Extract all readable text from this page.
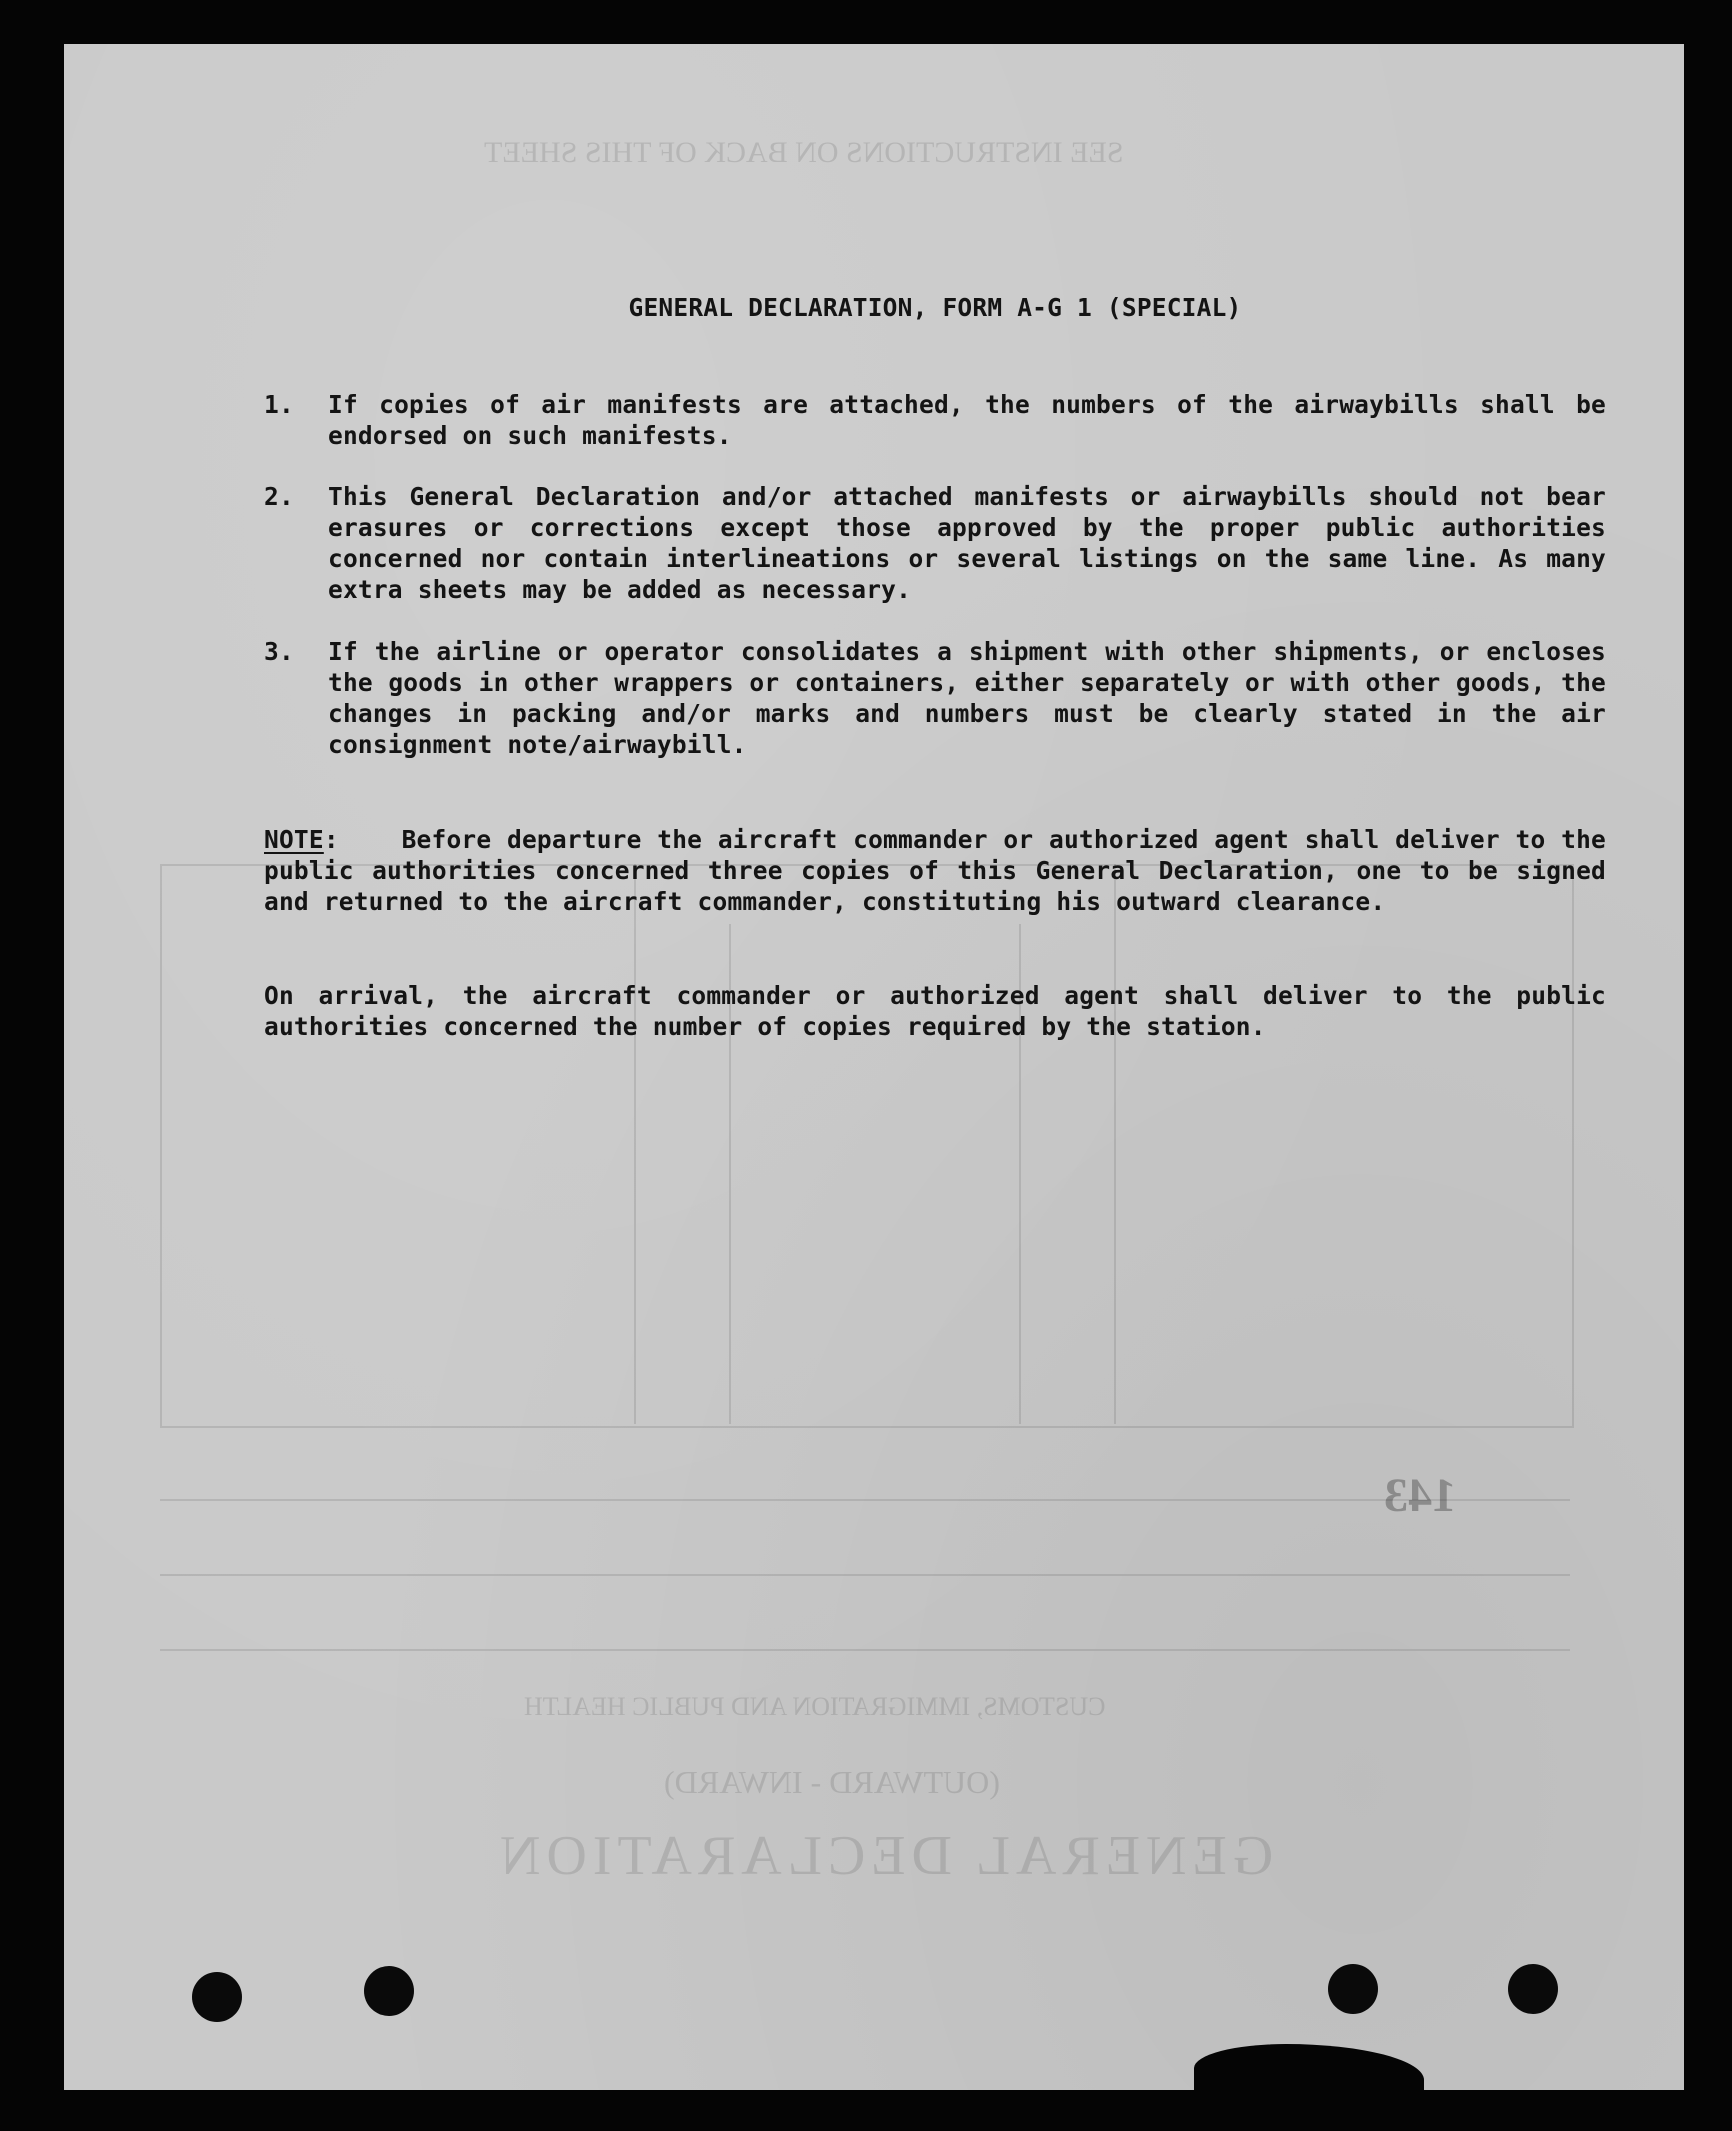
SEE INSTRUCTIONS ON BACK OF THIS SHEET
GENERAL DECLARATION
(OUTWARD - INWARD)
CUSTOMS, IMMIGRATION AND PUBLIC HEALTH
GENERAL DECLARATION, FORM A-G 1 (SPECIAL)
1. If copies of air manifests are attached, the numbers of the airwaybills shall be endorsed on such manifests.
2. This General Declaration and/or attached manifests or airwaybills should not bear erasures or corrections except those approved by the proper public authorities concerned nor contain interlineations or several listings on the same line. As many extra sheets may be added as necessary.
3. If the airline or operator consolidates a shipment with other shipments, or encloses the goods in other wrappers or containers, either separately or with other goods, the changes in packing and/or marks and numbers must be clearly stated in the air consignment note/airwaybill.
NOTE:    Before departure the aircraft commander or authorized agent shall deliver to the public authorities concerned three copies of this General Declaration, one to be signed and returned to the aircraft commander, constituting his outward clearance.
On arrival, the aircraft commander or authorized agent shall deliver to the public authorities concerned the number of copies required by the station.
143
